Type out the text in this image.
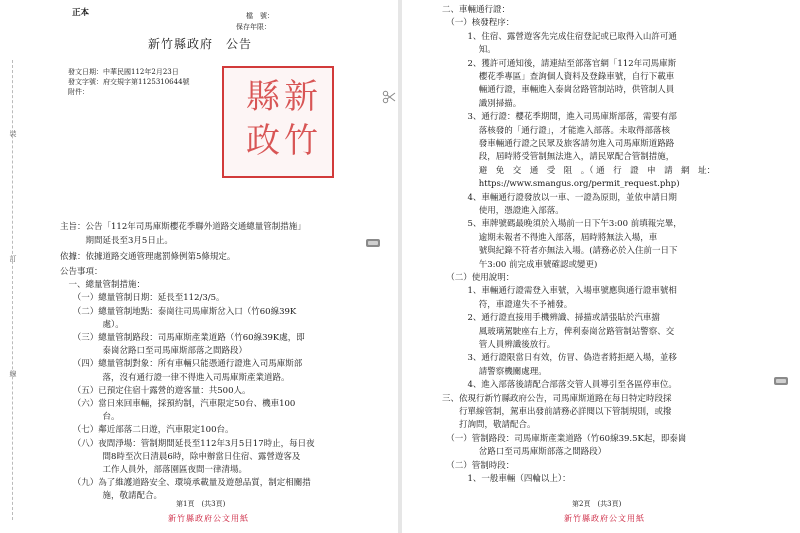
正本	檔　號：
保存年限：
新竹縣政府　公告
發文日期：中華民國112年2月23日
發文字號：府交規字第1125310644號
附件：	新
竹
縣
政
裝
訂
線
主旨：公告「112年司馬庫斯櫻花季聯外道路交通總量管制措施」
　　　期間延長至3月5日止。
依據：依據道路交通管理處罰條例第5條規定。
公告事項：
　一、總量管制措施：
　　（一）總量管制日期：延長至112/3/5。
　　（二）總量管制地點：泰崗往司馬庫斯岔入口（竹60線39K
　　　　　處）。
　　（三）總量管制路段：司馬庫斯產業道路（竹60線39K處，即
　　　　　泰崗岔路口至司馬庫斯部落之間路段）
　　（四）總量管制對象：所有車輛只能憑通行證進入司馬庫斯部
　　　　　落，沒有通行證一律不得進入司馬庫斯產業道路。
　　（五）已預定住宿十露營的遊客量：共500人。
　　（六）當日來回車輛，採預約制，汽車限定50台、機車100
　　　　　台。
　　（七）鄰近部落二日遊，汽車限定100台。
　　（八）夜間淨場：管制期間延長至112年3月5日17時止，每日夜
　　　　　間8時至次日清晨6時，除申辦當日住宿、露營遊客及
　　　　　工作人員外，部落園區夜間一律清場。
　　（九）為了維護道路安全、環境承載量及遊憩品質，制定相關措
　　　　　施，敬請配合。
第1頁　(共3頁)
新竹縣政府公文用紙
二、車輛通行證：
　（一）核發程序：
　　　1、住宿、露營遊客先完成住宿登記或已取得入山許可通
　　　　 知。
　　　2、獲許可通知後，請連結至部落官網「112年司馬庫斯
　　　　 櫻花季專區」查詢個人資料及登錄車號，自行下載車
　　　　 輛通行證，車輛進入泰崗岔路管制站時，供管制人員
　　　　 識別掃描。
　　　3、通行證：櫻花季期間，進入司馬庫斯部落，需要有部
　　　　 落核發的「通行證」，才能進入部落。未取得部落核
　　　　 發車輛通行證之民眾及旅客請勿進入司馬庫斯道路路
　　　　 段，屆時將受管制無法進入，請民眾配合管制措施，
　　　　 避　免　交　通　受　阻　。（ 通　行　證　申　請　網　址：
　　　　 https://www.smangus.org/permit_request.php)
　　　4、車輛通行證發放以一車、一證為原則，並依申請日期
　　　　 使用，憑證進入部落。
　　　5、車牌號碼最晚須於入場前一日下午3:00 前填報完畢，
　　　　 逾期未報者不得進入部落，屆時將無法入場，車
　　　　 號與紀錄不符者亦無法入場。(請務必於入住前一日下
　　　　 午3:00 前完成車號確認或變更)
　（二）使用說明：
　　　1、車輛通行證需登入車號，入場車號應與通行證車號相
　　　　 符，車證違失不予補發。
　　　2、通行證直接用手機辨識、掃描或請張貼於汽車擋
　　　　 風玻璃駕駛座右上方，俾利泰崗岔路管制站警察、交
　　　　 管人員辨識後放行。
　　　3、通行證限當日有效，仿冒、偽造者將拒絕入場，並移
　　　　 請警察機關處理。
　　　4、進入部落後請配合部落交管人員導引至各區停車位。
三、依現行新竹縣政府公告，司馬庫斯道路在每日特定時段採
　　行單線管制，駕車出發前請務必詳閱以下管制規則，或撥
　　打詢問，敬請配合。
　（一）管制路段：司馬庫斯產業道路（竹60線39.5K起，即泰崗
　　　　 岔路口至司馬庫斯部落之間路段）
　（二）管制時段：
　　　1、一般車輛（四輪以上）：
第2頁　(共3頁)
新竹縣政府公文用紙
